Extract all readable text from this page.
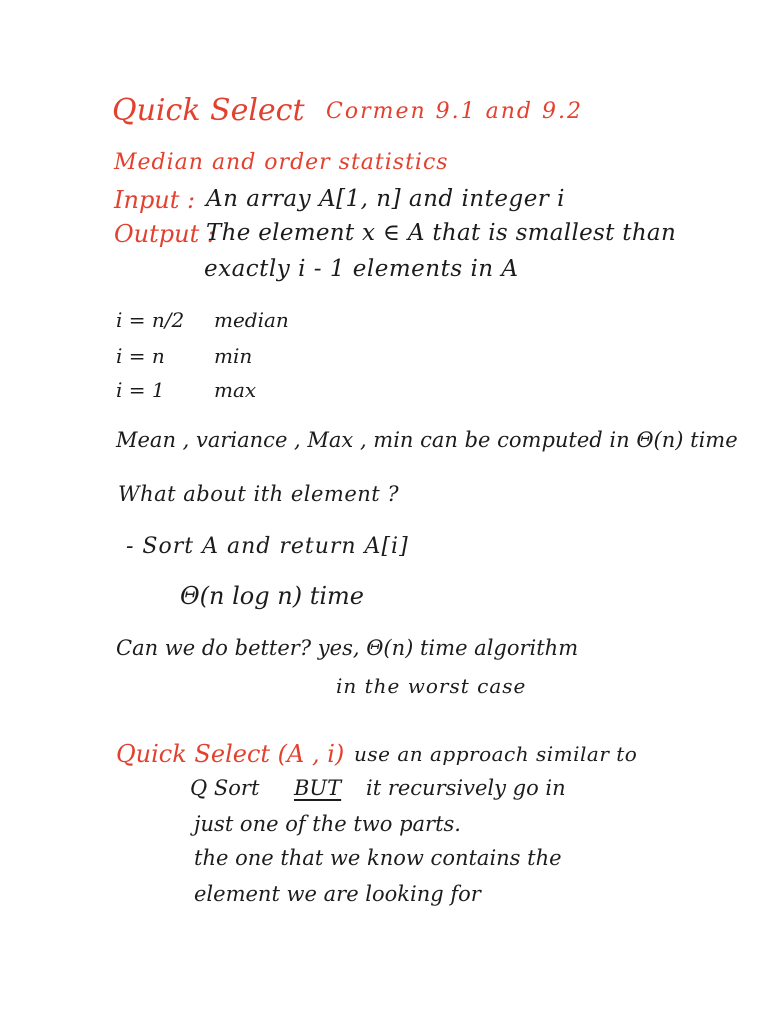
Quick Select Cormen 9.1 and 9.2
Median and order statistics
Input : An array A[1, n] and integer i
Output :
The element x ∈ A that is smallest than
exactly i - 1 elements in A
i = n/2 median
i = n min
i = 1 max
Mean , variance , Max , min can be computed in Θ(n) time
What about ith element ?
- Sort A and return A[i]
Θ(n log n) time
Can we do better? yes, Θ(n) time algorithm
in the worst case
Quick Select (A , i) use an approach similar to
Q Sort BUT it recursively go in
just one of the two parts.
the one that we know contains the
element we are looking for
